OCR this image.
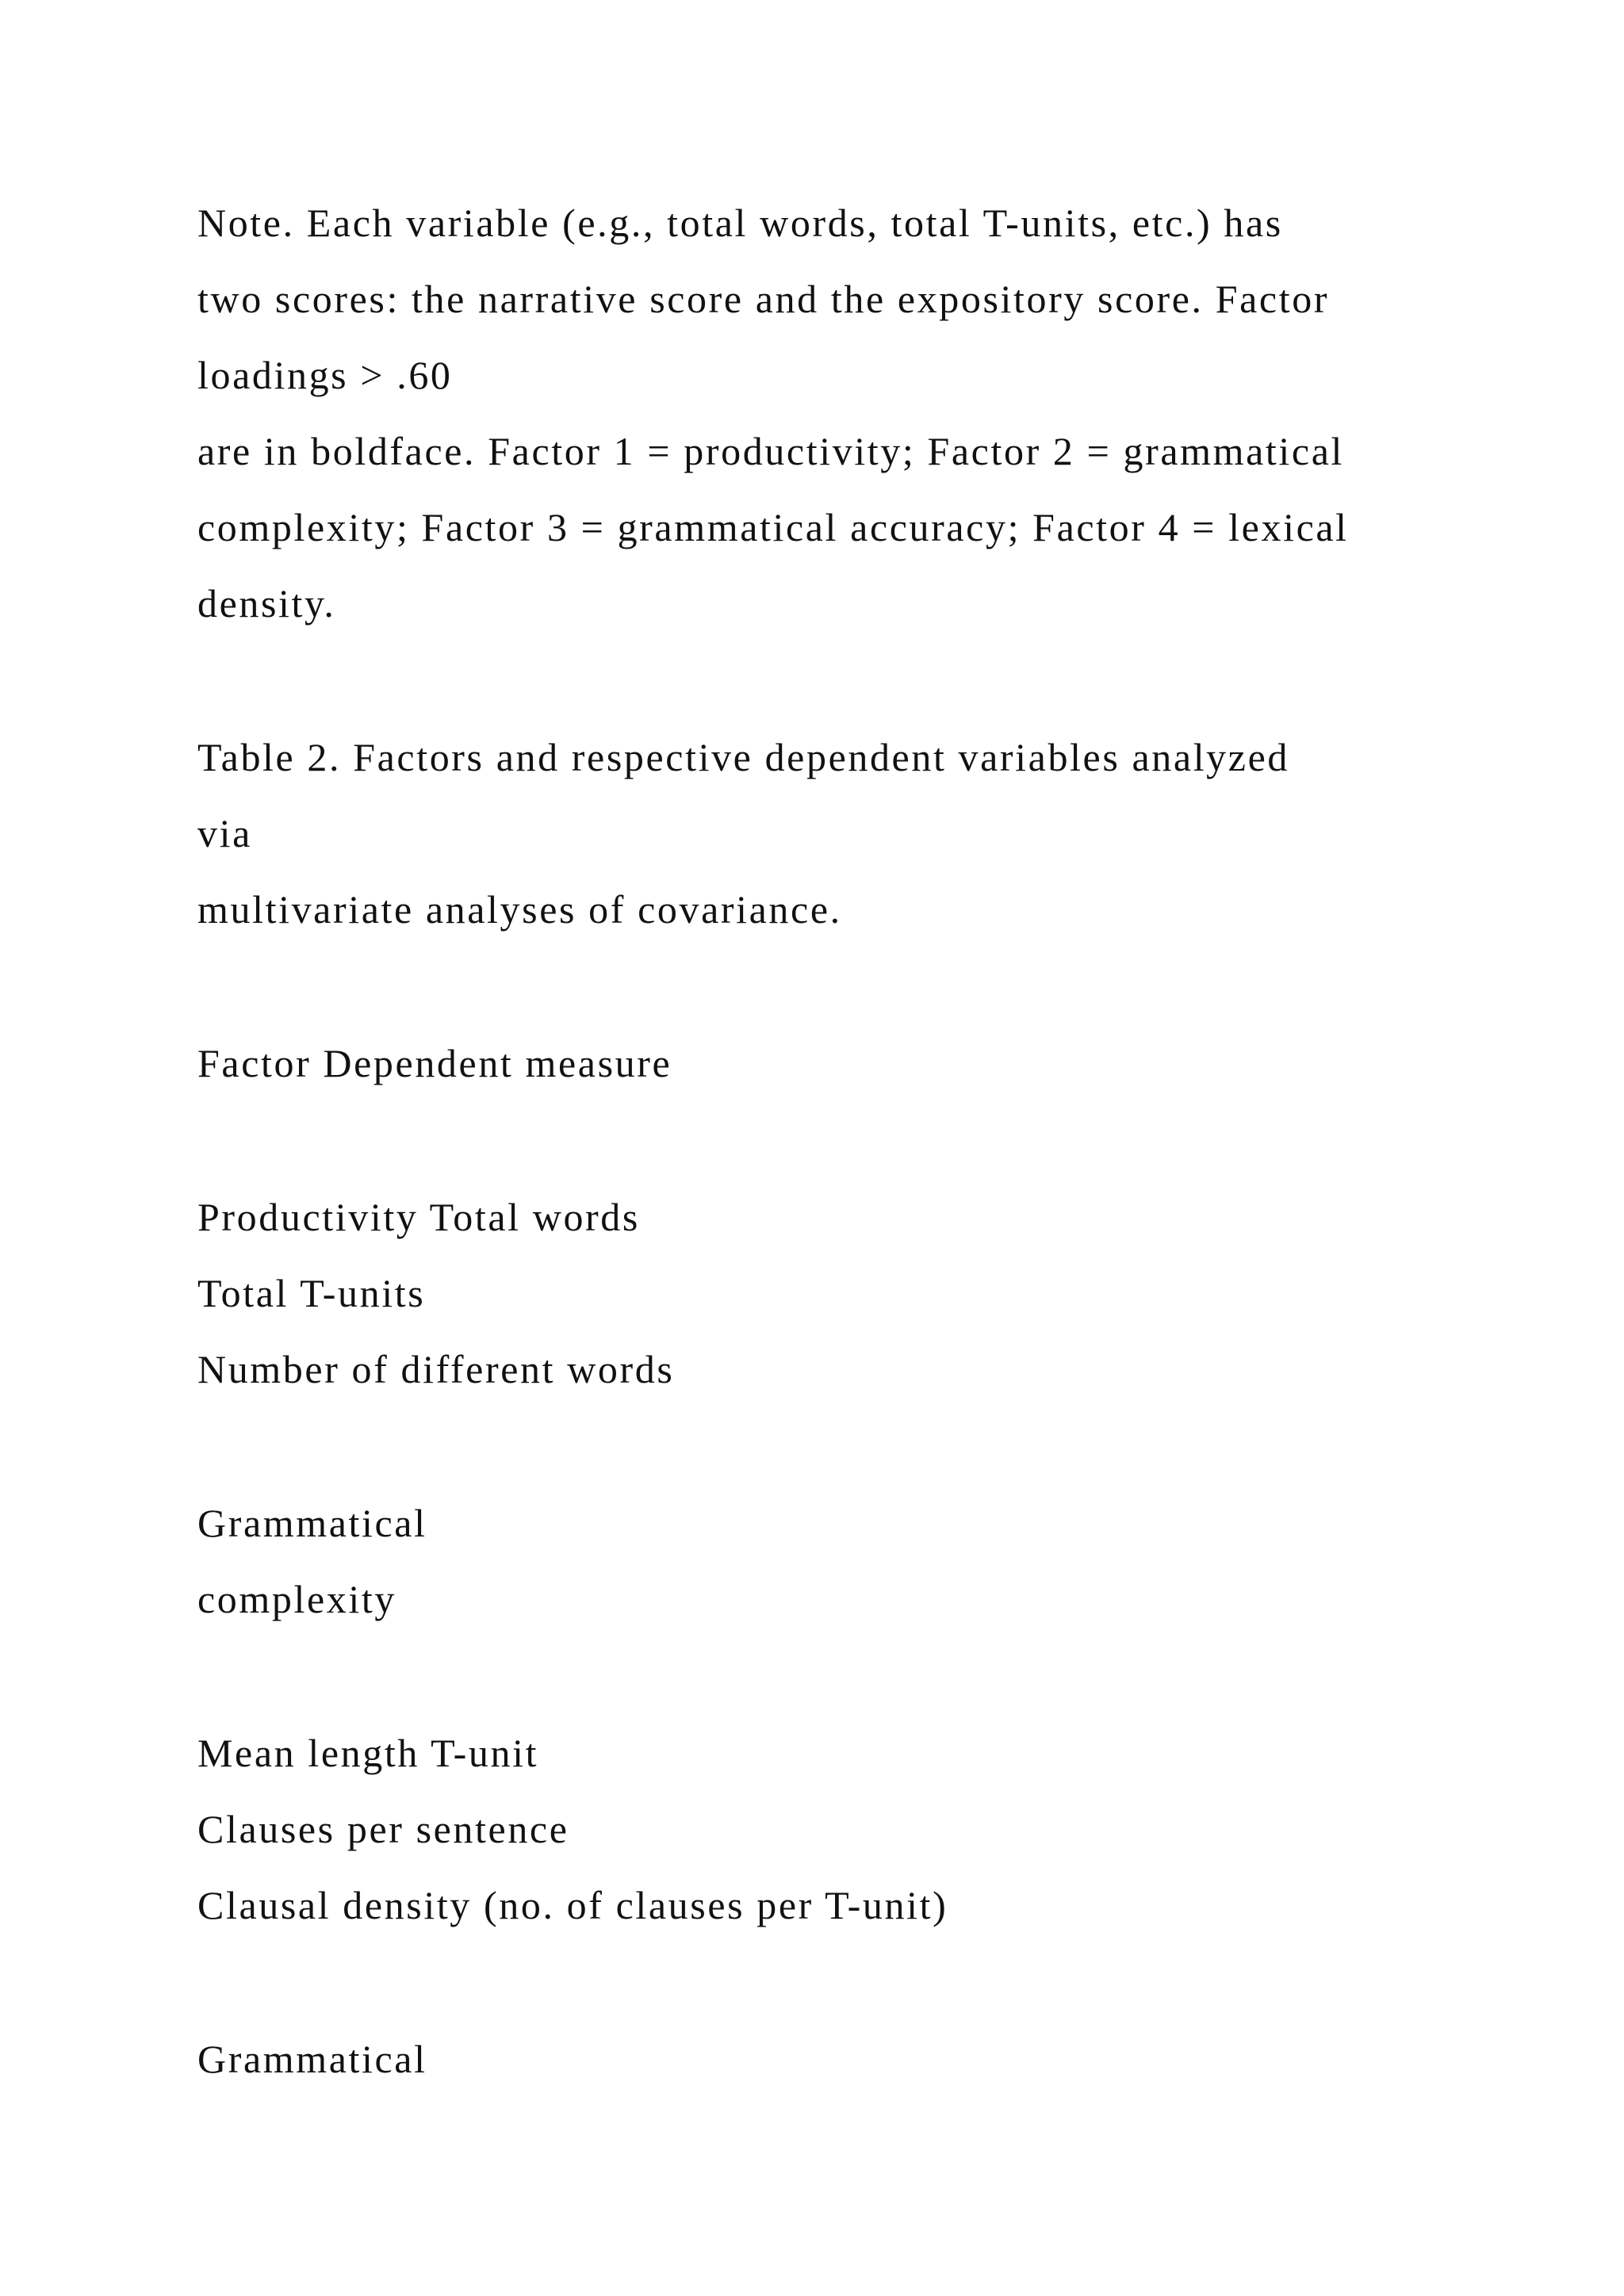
Note. Each variable (e.g., total words, total T-units, etc.) has

two scores: the narrative score and the expository score. Factor

loadings > .60

are in boldface. Factor 1 = productivity; Factor 2 = grammatical

complexity; Factor 3 = grammatical accuracy; Factor 4 = lexical

density.

Table 2. Factors and respective dependent variables analyzed

via

multivariate analyses of covariance.

Factor Dependent measure

Productivity Total words

Total T-units

Number of different words

Grammatical

complexity

Mean length T-unit

Clauses per sentence

Clausal density (no. of clauses per T-unit)

Grammatical
